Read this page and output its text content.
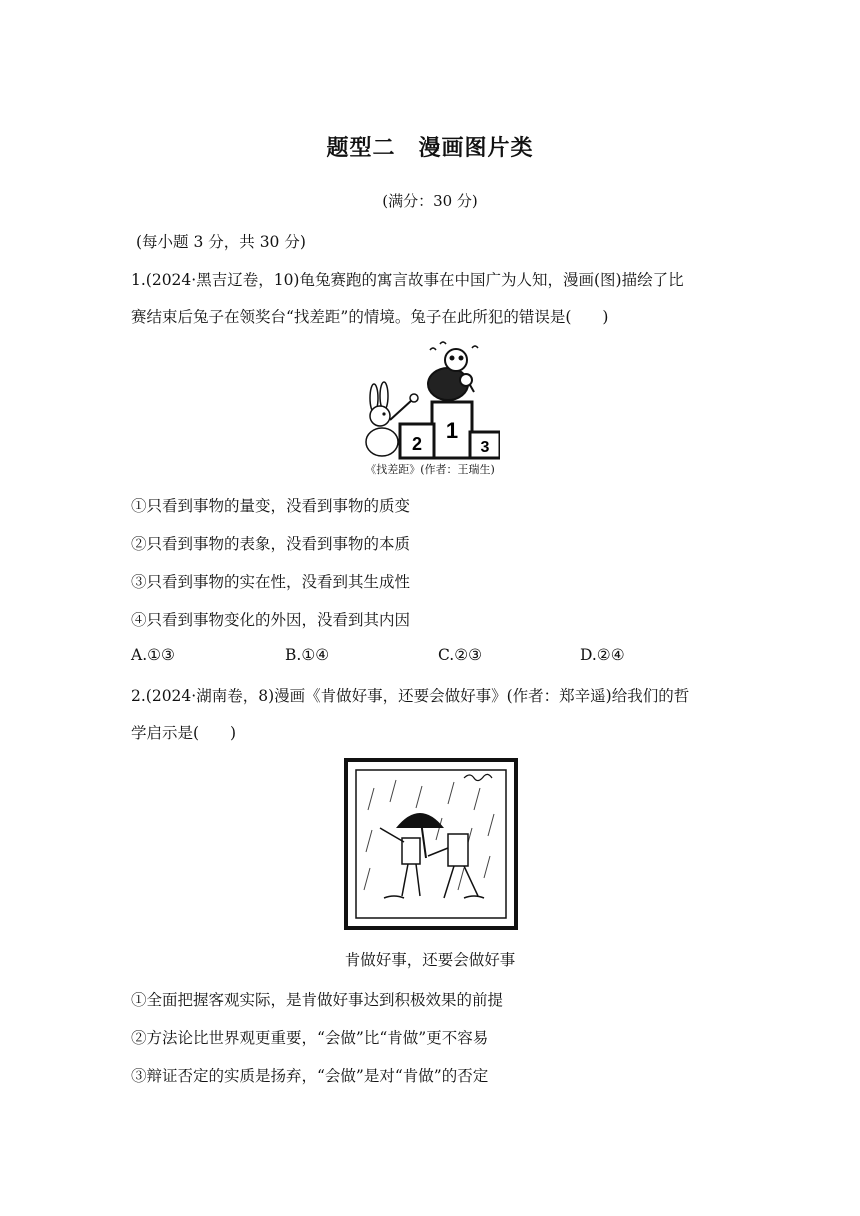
题型二　漫画图片类
(满分：30 分)
(每小题 3 分，共 30 分)
1.(2024·黑吉辽卷，10)龟兔赛跑的寓言故事在中国广为人知，漫画(图)描绘了比
赛结束后兔子在领奖台“找差距”的情境。兔子在此所犯的错误是(　　)
1
2	3
《找差距》(作者：王瑞生)
①只看到事物的量变，没看到事物的质变
②只看到事物的表象，没看到事物的本质
③只看到事物的实在性，没看到其生成性
④只看到事物变化的外因，没看到其内因
A.①③	B.①④	C.②③	D.②④
2.(2024·湖南卷，8)漫画《肯做好事，还要会做好事》(作者：郑辛遥)给我们的哲
学启示是(　　)
肯做好事，还要会做好事
①全面把握客观实际，是肯做好事达到积极效果的前提
②方法论比世界观更重要，“会做”比“肯做”更不容易
③辩证否定的实质是扬弃，“会做”是对“肯做”的否定
